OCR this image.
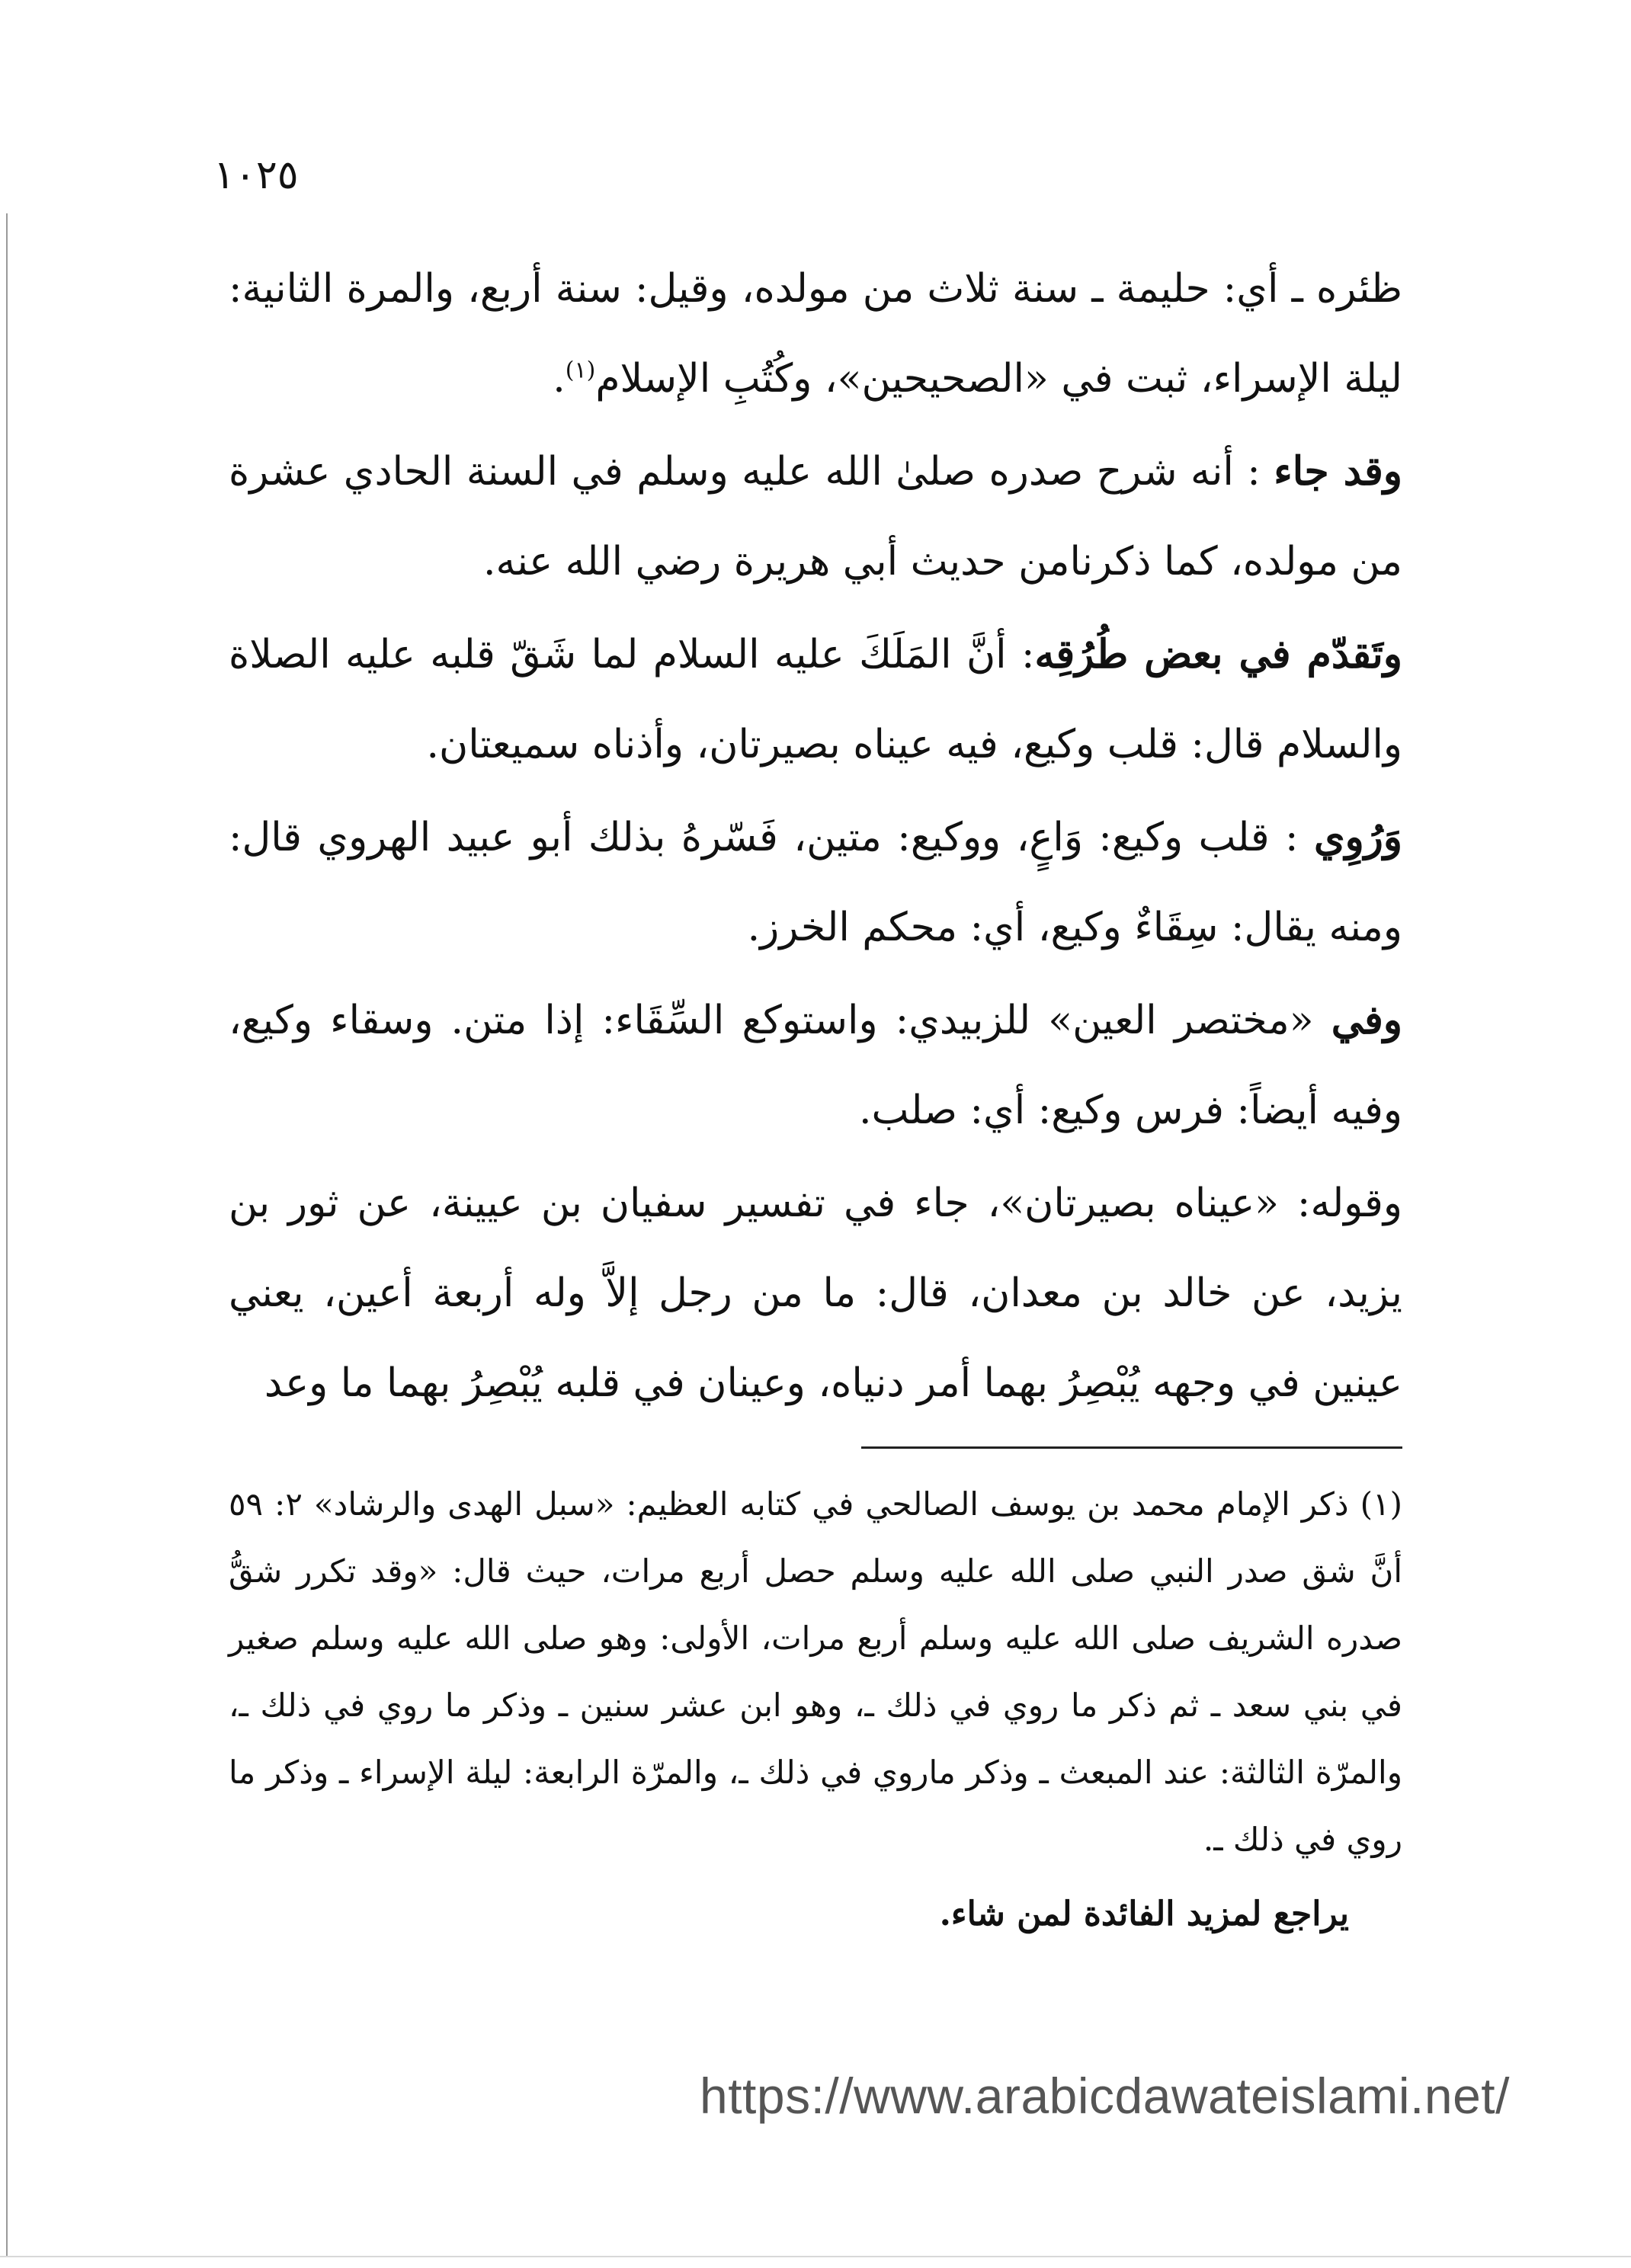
١٠٢٥

ظئره ـ أي: حليمة ـ سنة ثلاث من مولده، وقيل: سنة أربع، والمرة الثانية: ليلة الإسراء، ثبت في «الصحيحين»، وكُتُبِ الإسلام$^{(١)}$.

وقد جاء : أنه شرح صدره صلىٰ الله عليه وسلم في السنة الحادي عشرة من مولده، كما ذكرنامن حديث أبي هريرة رضي الله عنه.

وتَقدّم في بعض طُرُقِه: أنَّ المَلَكَ عليه السلام لما شَقّ قلبه عليه الصلاة والسلام قال: قلب وكيع، فيه عيناه بصيرتان، وأذناه سميعتان.

وَرُوِي : قلب وكيع: وَاعٍ، ووكيع: متين، فَسّرهُ بذلك أبو عبيد الهروي قال: ومنه يقال: سِقَاءٌ وكيع، أي: محكم الخرز.

وفي «مختصر العين» للزبيدي: واستوكع السِّقَاء: إذا متن. وسقاء وكيع، وفيه أيضاً: فرس وكيع: أي: صلب.

وقوله: «عيناه بصيرتان»، جاء في تفسير سفيان بن عيينة، عن ثور بن يزيد، عن خالد بن معدان، قال: ما من رجل إلاَّ وله أربعة أعين، يعني عينين في وجهه يُبْصِرُ بهما أمر دنياه، وعينان في قلبه يُبْصِرُ بهما ما وعد

(١) ذكر الإمام محمد بن يوسف الصالحي في كتابه العظيم: «سبل الهدى والرشاد» ٢: ٥٩ أنَّ شق صدر النبي صلى الله عليه وسلم حصل أربع مرات، حيث قال: «وقد تكرر شقُّ صدره الشريف صلى الله عليه وسلم أربع مرات، الأولى: وهو صلى الله عليه وسلم صغير في بني سعد ـ ثم ذكر ما روي في ذلك ـ، وهو ابن عشر سنين ـ وذكر ما روي في ذلك ـ، والمرّة الثالثة: عند المبعث ـ وذكر ماروي في ذلك ـ، والمرّة الرابعة: ليلة الإسراء ـ وذكر ما روي في ذلك ـ.

يراجع لمزيد الفائدة لمن شاء.

https://www.arabicdawateislami.net/
